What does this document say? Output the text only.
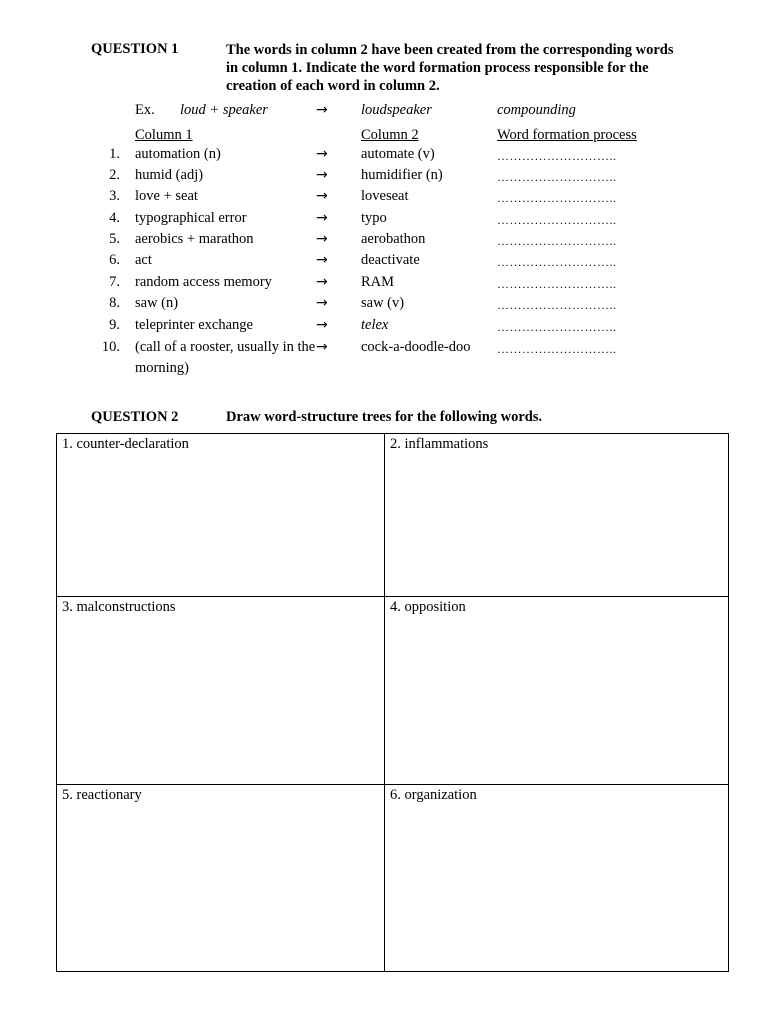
QUESTION 1	The words in column 2 have been created from the corresponding words in column 1. Indicate the word formation process responsible for the creation of each word in column 2.
Ex. loud + speaker	→ loudspeaker	compounding
Column 1	Column 2	Word formation process
1. automation (n)	→ automate (v)	………………………..
2. humid (adj)	→ humidifier (n)	………………………..
3. love + seat	→ loveseat	………………………..
4. typographical error	→ typo	………………………..
5. aerobics + marathon	→ aerobathon	………………………..
6. act	→ deactivate	………………………..
7. random access memory	→ RAM	………………………..
8. saw (n)	→ saw (v)	………………………..
9. teleprinter exchange	→ telex	………………………..
10. (call of a rooster, usually in the → cock-a-doodle-doo ………………………..
morning)
QUESTION 2	Draw word-structure trees for the following words.
1. counter-declaration	2. inflammations
3. malconstructions	4. opposition
5. reactionary	6. organization
